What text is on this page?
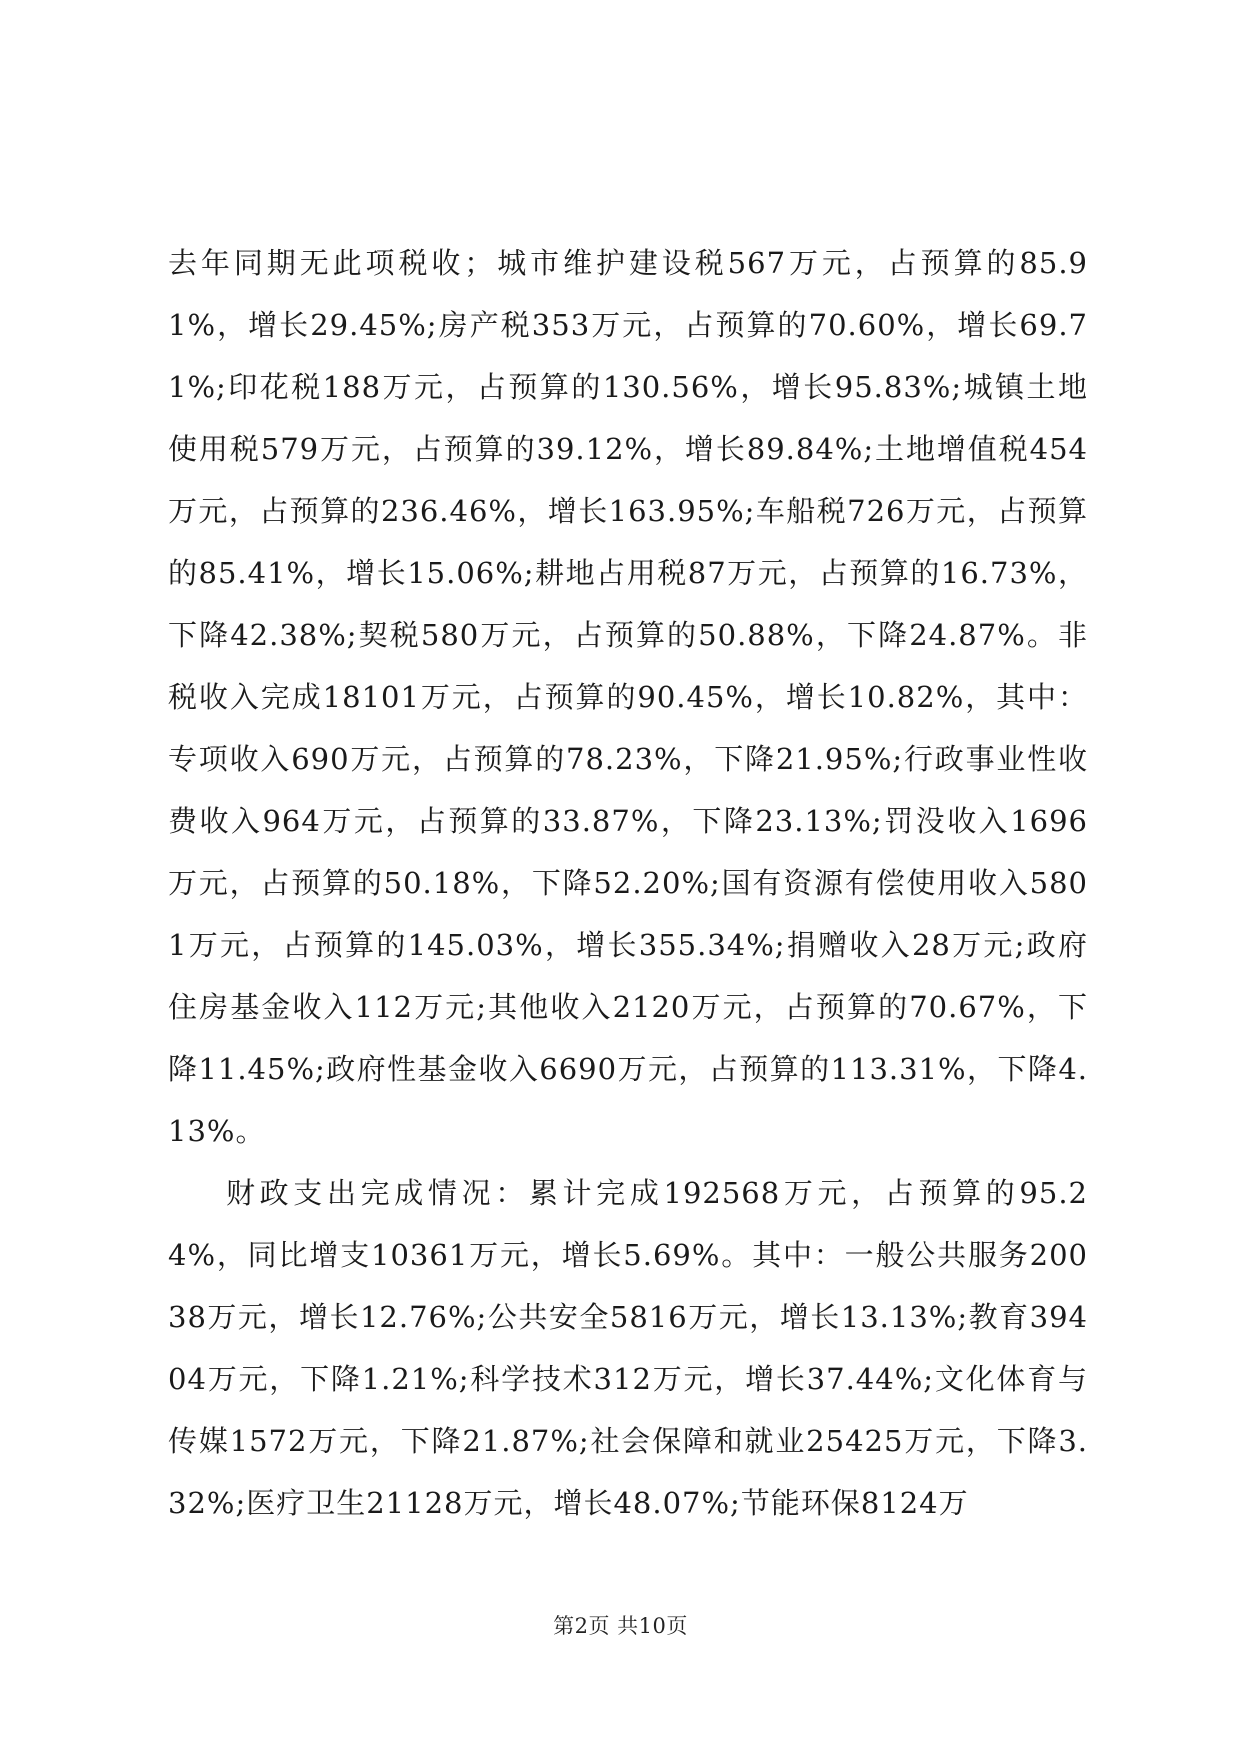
去年同期无此项税收；城市维护建设税567万元，占预算的85.91%，增长29.45%;房产税353万元，占预算的70.60%，增长69.71%;印花税188万元，占预算的130.56%，增长95.83%;城镇土地使用税579万元，占预算的39.12%，增长89.84%;土地增值税454万元，占预算的236.46%，增长163.95%;车船税726万元，占预算的85.41%，增长15.06%;耕地占用税87万元，占预算的16.73%，下降42.38%;契税580万元，占预算的50.88%，下降24.87%。非税收入完成18101万元，占预算的90.45%，增长10.82%，其中：专项收入690万元，占预算的78.23%，下降21.95%;行政事业性收费收入964万元，占预算的33.87%，下降23.13%;罚没收入1696万元，占预算的50.18%，下降52.20%;国有资源有偿使用收入5801万元，占预算的145.03%，增长355.34%;捐赠收入28万元;政府住房基金收入112万元;其他收入2120万元，占预算的70.67%，下降11.45%;政府性基金收入6690万元，占预算的113.31%，下降4.13%。

财政支出完成情况：累计完成192568万元，占预算的95.24%，同比增支10361万元，增长5.69%。其中：一般公共服务20038万元，增长12.76%;公共安全5816万元，增长13.13%;教育39404万元，下降1.21%;科学技术312万元，增长37.44%;文化体育与传媒1572万元，下降21.87%;社会保障和就业25425万元，下降3.32%;医疗卫生21128万元，增长48.07%;节能环保8124万

第2页 共10页
